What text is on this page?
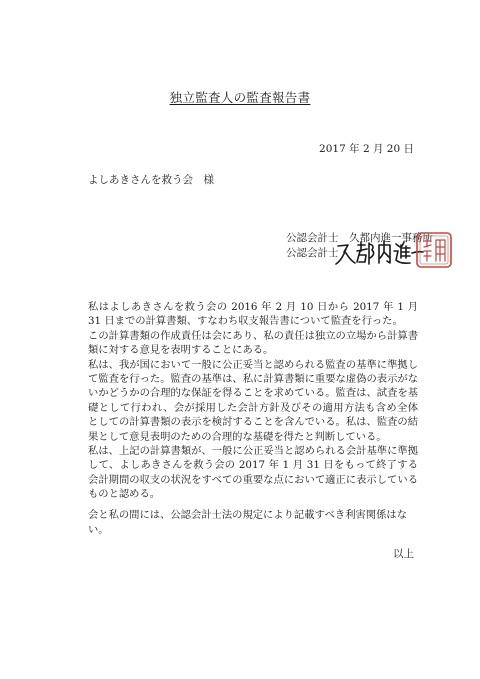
独立監査人の監査報告書
2017 年 2 月 20 日
よしあきさんを救う会　様
公認会計士　久都内進一事務所
公認会計士

私はよしあきさんを救う会の 2016 年 2 月 10 日から 2017 年 1 月 31 日までの計算書類、すなわち収支報告書について監査を行った。

この計算書類の作成責任は会にあり、私の責任は独立の立場から計算書類に対する意見を表明することにある。

私は、我が国において一般に公正妥当と認められる監査の基準に準拠して監査を行った。監査の基準は、私に計算書類に重要な虚偽の表示がないかどうかの合理的な保証を得ることを求めている。監査は、試査を基礎として行われ、会が採用した会計方針及びその適用方法も含め全体としての計算書類の表示を検討することを含んでいる。私は、監査の結果として意見表明のための合理的な基礎を得たと判断している。

私は、上記の計算書類が、一般に公正妥当と認められる会計基準に準拠して、よしあきさんを救う会の 2017 年 1 月 31 日をもって終了する会計期間の収支の状況をすべての重要な点において適正に表示しているものと認める。

会と私の間には、公認会計士法の規定により記載すべき利害関係はない。
以上
